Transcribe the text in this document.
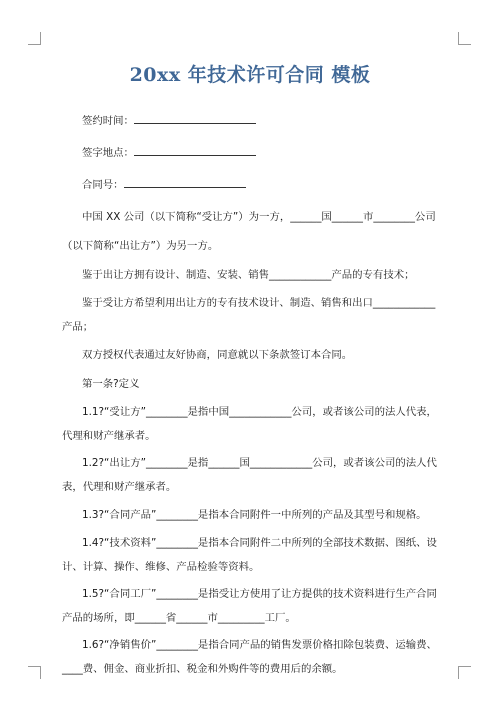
20xx 年技术许可合同 模板
签约时间：
签字地点：
合同号：
中国 XX 公司（以下简称“受让方”）为一方，______国______市________公司
（以下简称“出让方”）为另一方。
鉴于出让方拥有设计、制造、安装、销售____________产品的专有技术；
鉴于受让方希望利用出让方的专有技术设计、制造、销售和出口____________产品；
双方授权代表通过友好协商，同意就以下条款签订本合同。
第一条?定义
1.1?“受让方”________是指中国____________公司，或者该公司的法人代表，代理和财产继承者。
1.2?“出让方”________是指______国____________公司，或者该公司的法人代表，代理和财产继承者。
1.3?“合同产品”________是指本合同附件一中所列的产品及其型号和规格。
1.4?“技术资料”________是指本合同附件二中所列的全部技术数据、图纸、设计、计算、操作、维修、产品检验等资料。
1.5?“合同工厂”________是指受让方使用了让方提供的技术资料进行生产合同产品的场所，即______省______市_________工厂。
1.6?“净销售价”________是指合同产品的销售发票价格扣除包装费、运输费、____费、佣金、商业折扣、税金和外购件等的费用后的余额。
